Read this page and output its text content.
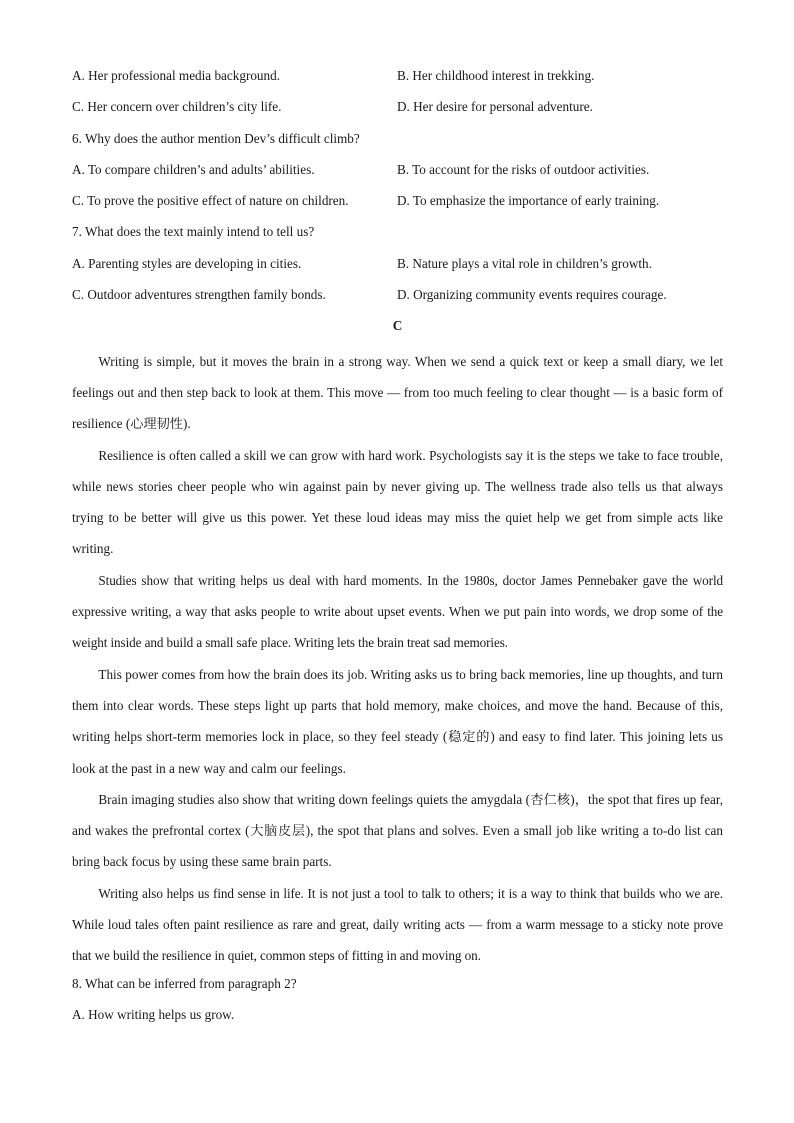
A. Her professional media background.	B. Her childhood interest in trekking.
C. Her concern over children’s city life.	D. Her desire for personal adventure.
6. Why does the author mention Dev’s difficult climb?
A. To compare children’s and adults’ abilities.	B. To account for the risks of outdoor activities.
C. To prove the positive effect of nature on children.	D. To emphasize the importance of early training.
7. What does the text mainly intend to tell us?
A. Parenting styles are developing in cities.	B. Nature plays a vital role in children’s growth.
C. Outdoor adventures strengthen family bonds.	D. Organizing community events requires courage.
C

Writing is simple, but it moves the brain in a strong way. When we send a quick text or keep a small diary, we let feelings out and then step back to look at them. This move — from too much feeling to clear thought — is a basic form of resilience (心理韧性).

Resilience is often called a skill we can grow with hard work. Psychologists say it is the steps we take to face trouble, while news stories cheer people who win against pain by never giving up. The wellness trade also tells us that always trying to be better will give us this power. Yet these loud ideas may miss the quiet help we get from simple acts like writing.

Studies show that writing helps us deal with hard moments. In the 1980s, doctor James Pennebaker gave the world expressive writing, a way that asks people to write about upset events. When we put pain into words, we drop some of the weight inside and build a small safe place. Writing lets the brain treat sad memories.

This power comes from how the brain does its job. Writing asks us to bring back memories, line up thoughts, and turn them into clear words. These steps light up parts that hold memory, make choices, and move the hand. Because of this, writing helps short-term memories lock in place, so they feel steady (稳定的) and easy to find later. This joining lets us look at the past in a new way and calm our feelings.

Brain imaging studies also show that writing down feelings quiets the amygdala (杏仁核)，the spot that fires up fear, and wakes the prefrontal cortex (大脑皮层), the spot that plans and solves. Even a small job like writing a to-do list can bring back focus by using these same brain parts.

Writing also helps us find sense in life. It is not just a tool to talk to others; it is a way to think that builds who we are. While loud tales often paint resilience as rare and great, daily writing acts — from a warm message to a sticky note prove that we build the resilience in quiet, common steps of fitting in and moving on.

8. What can be inferred from paragraph 2?
A. How writing helps us grow.
